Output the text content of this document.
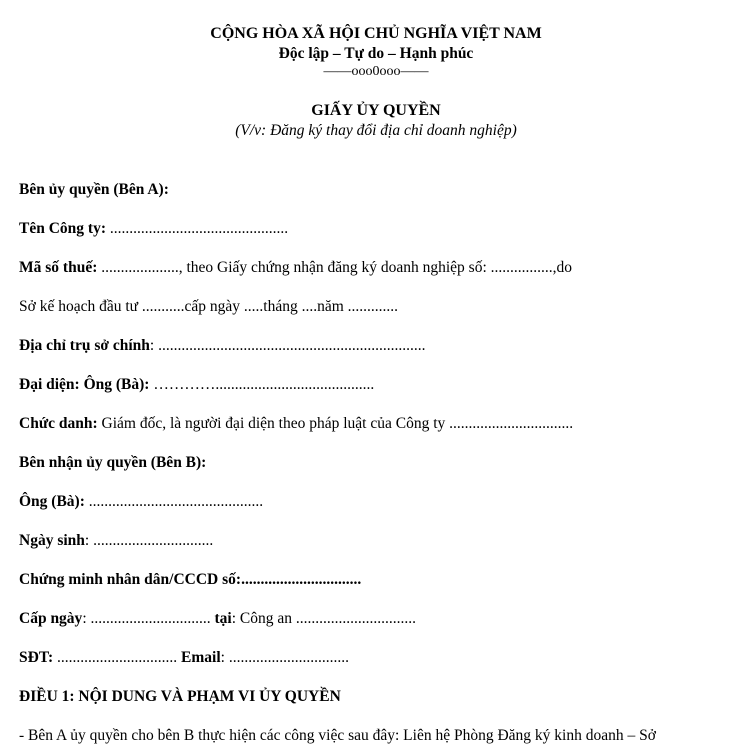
CỘNG HÒA XÃ HỘI CHỦ NGHĨA VIỆT NAM
Độc lập – Tự do – Hạnh phúc
——ooo0ooo——
GIẤY ỦY QUYỀN
(V/v: Đăng ký thay đổi địa chỉ doanh nghiệp)
Bên ủy quyền (Bên A):
Tên Công ty: ..............................................
Mã số thuế: ...................., theo Giấy chứng nhận đăng ký doanh nghiệp số: ................,do
Sở kế hoạch đầu tư ...........cấp ngày .....tháng ....năm .............
Địa chỉ trụ sở chính: .....................................................................
Đại diện: Ông (Bà): ………….........................................
Chức danh: Giám đốc, là người đại diện theo pháp luật của Công ty ................................
Bên nhận ủy quyền (Bên B):
Ông (Bà): .............................................
Ngày sinh: ...............................
Chứng minh nhân dân/CCCD số:...............................
Cấp ngày: ............................... tại: Công an ...............................
SĐT: ............................... Email: ...............................
ĐIỀU 1: NỘI DUNG VÀ PHẠM VI ỦY QUYỀN
- Bên A ủy quyền cho bên B thực hiện các công việc sau đây: Liên hệ Phòng Đăng ký kinh doanh – Sở
